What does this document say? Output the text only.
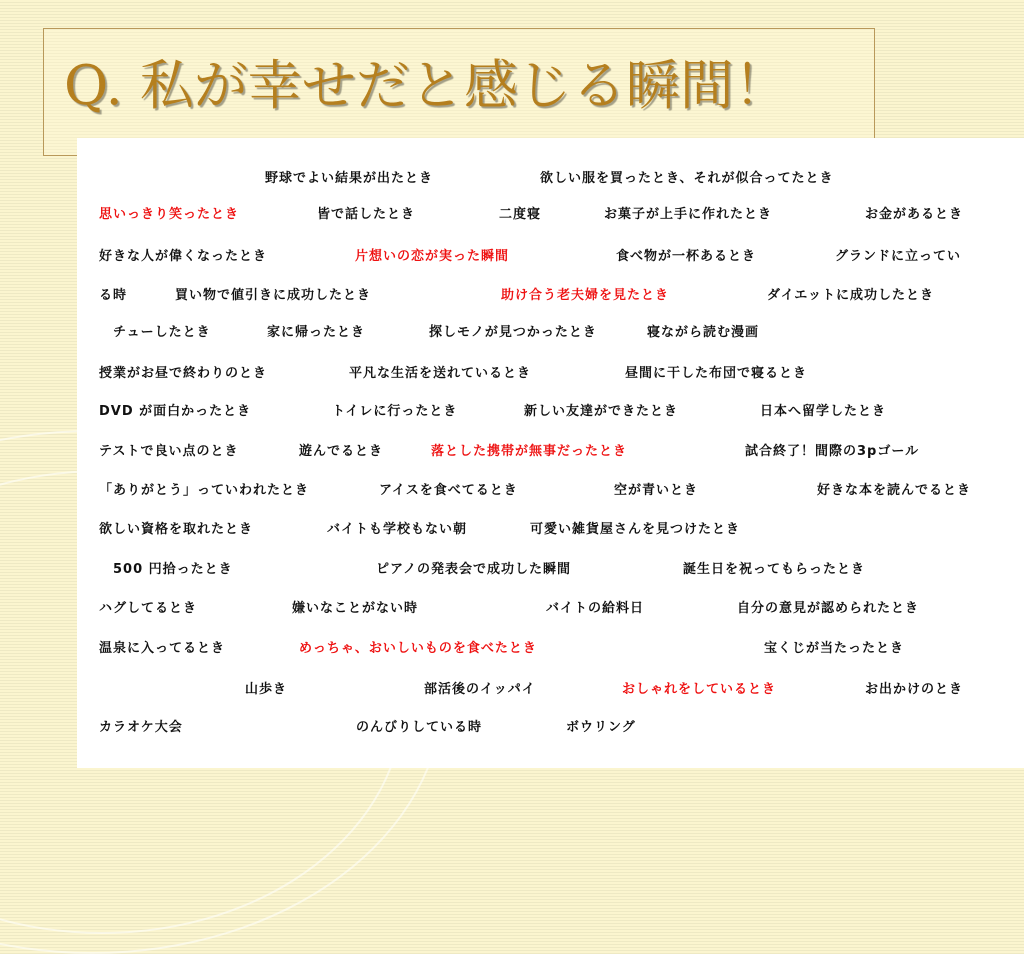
Q. 私が幸せだと感じる瞬間！
野球でよい結果が出たとき	欲しい服を買ったとき、それが似合ってたとき
思いっきり笑ったとき	皆で話したとき	二度寝	お菓子が上手に作れたとき	お金があるとき
好きな人が偉くなったとき	片想いの恋が実った瞬間	食べ物が一杯あるとき	グランドに立ってい
る時	買い物で値引きに成功したとき	助け合う老夫婦を見たとき	ダイエットに成功したとき
チューしたとき	家に帰ったとき	探しモノが見つかったとき	寝ながら読む漫画
授業がお昼で終わりのとき	平凡な生活を送れているとき	昼間に干した布団で寝るとき
DVD が面白かったとき	トイレに行ったとき	新しい友達ができたとき	日本へ留学したとき
テストで良い点のとき	遊んでるとき	落とした携帯が無事だったとき	試合終了！間際の3pゴール
「ありがとう」っていわれたとき	アイスを食べてるとき	空が青いとき	好きな本を読んでるとき
欲しい資格を取れたとき	バイトも学校もない朝	可愛い雑貨屋さんを見つけたとき
500 円拾ったとき	ピアノの発表会で成功した瞬間	誕生日を祝ってもらったとき
ハグしてるとき	嫌いなことがない時	バイトの給料日	自分の意見が認められたとき
温泉に入ってるとき	めっちゃ、おいしいものを食べたとき	宝くじが当たったとき
山歩き	部活後のイッパイ	おしゃれをしているとき	お出かけのとき
カラオケ大会	のんびりしている時	ボウリング
